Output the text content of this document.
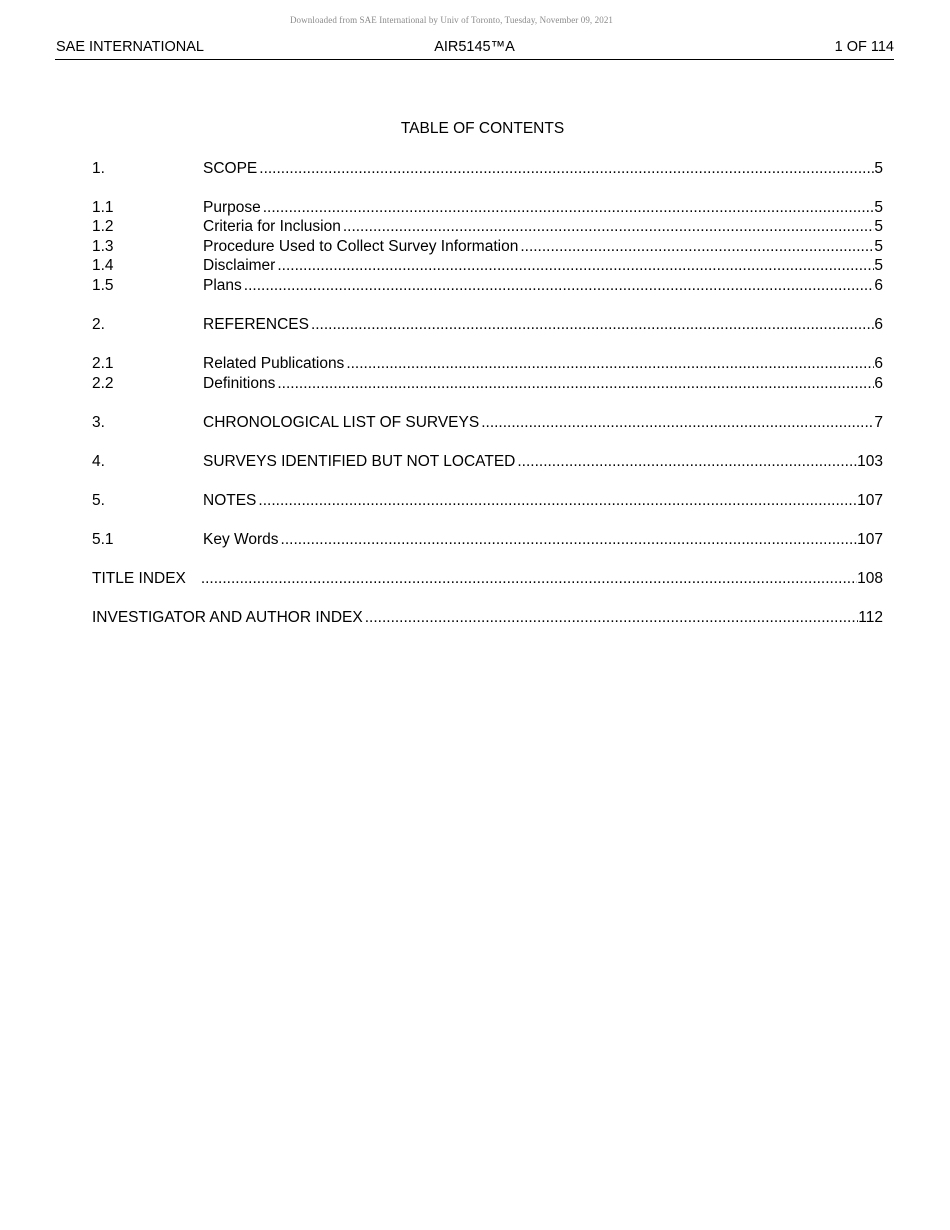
Downloaded from SAE International by Univ of Toronto, Tuesday, November 09, 2021
SAE INTERNATIONAL	AIR5145™A	1 OF 114
TABLE OF CONTENTS
1.	SCOPE .....	5
1.1	Purpose .....	5
1.2	Criteria for Inclusion .....	5
1.3	Procedure Used to Collect Survey Information .....	5
1.4	Disclaimer .....	5
1.5	Plans .....	6
2.	REFERENCES .....	6
2.1	Related Publications .....	6
2.2	Definitions .....	6
3.	CHRONOLOGICAL LIST OF SURVEYS .....	7
4.	SURVEYS IDENTIFIED BUT NOT LOCATED .....	103
5.	NOTES .....	107
5.1	Key Words .....	107
TITLE INDEX .....	108
INVESTIGATOR AND AUTHOR INDEX .....	112
